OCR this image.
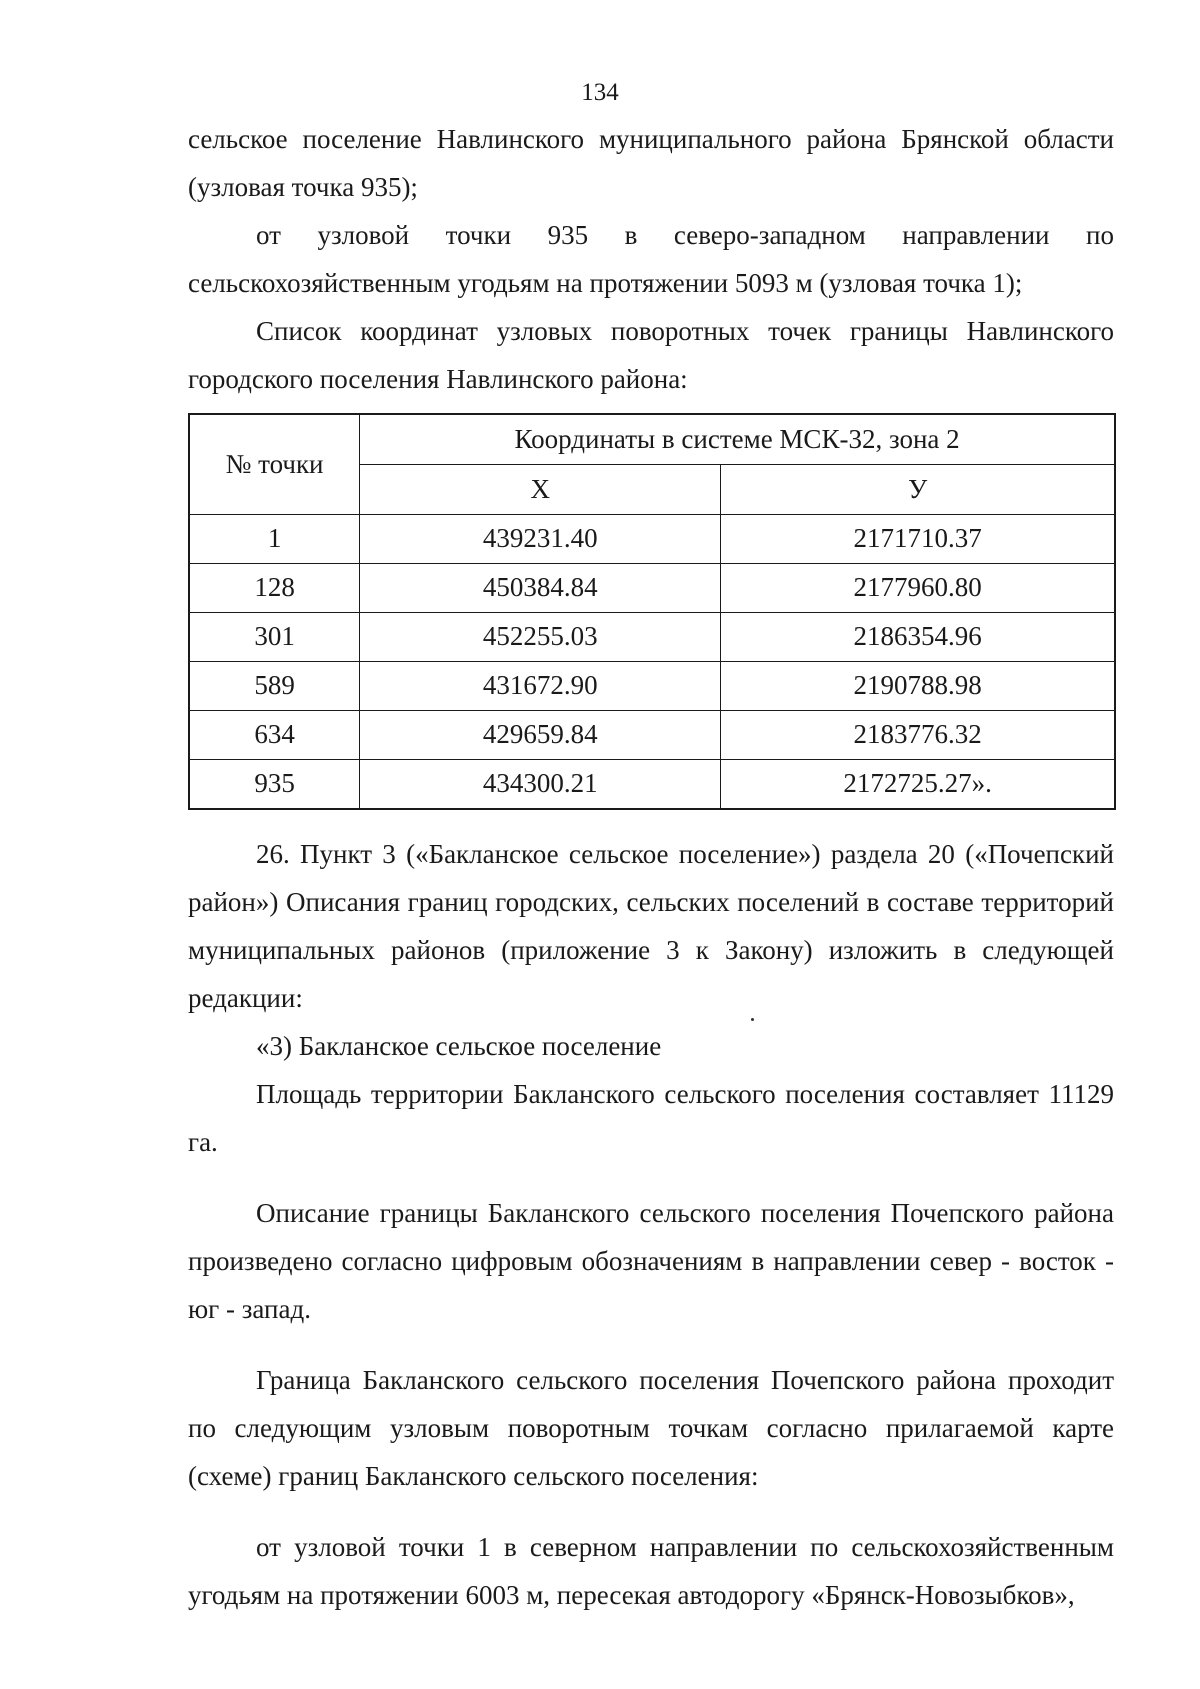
134

сельское поселение Навлинского муниципального района Брянской области (узловая точка 935);

от узловой точки 935 в северо-западном направлении по сельскохозяйственным угодьям на протяжении 5093 м (узловая точка 1);

Список координат узловых поворотных точек границы Навлинского городского поселения Навлинского района:

№ точки	Координаты в системе МСК-32, зона 2	
	Х	У
1	439231.40	2171710.37
128	450384.84	2177960.80
301	452255.03	2186354.96
589	431672.90	2190788.98
634	429659.84	2183776.32
935	434300.21	2172725.27».

26. Пункт 3 («Бакланское сельское поселение») раздела 20 («Почепский район») Описания границ городских, сельских поселений в составе территорий муниципальных районов (приложение 3 к Закону) изложить в следующей редакции:

«3) Бакланское сельское поселение

Площадь территории Бакланского сельского поселения составляет 11129 га.

Описание границы Бакланского сельского поселения Почепского района произведено согласно цифровым обозначениям в направлении север - восток - юг - запад.

Граница Бакланского сельского поселения Почепского района проходит по следующим узловым поворотным точкам согласно прилагаемой карте (схеме) границ Бакланского сельского поселения:

от узловой точки 1 в северном направлении по сельскохозяйственным угодьям на протяжении 6003 м, пересекая автодорогу «Брянск-Новозыбков»,
